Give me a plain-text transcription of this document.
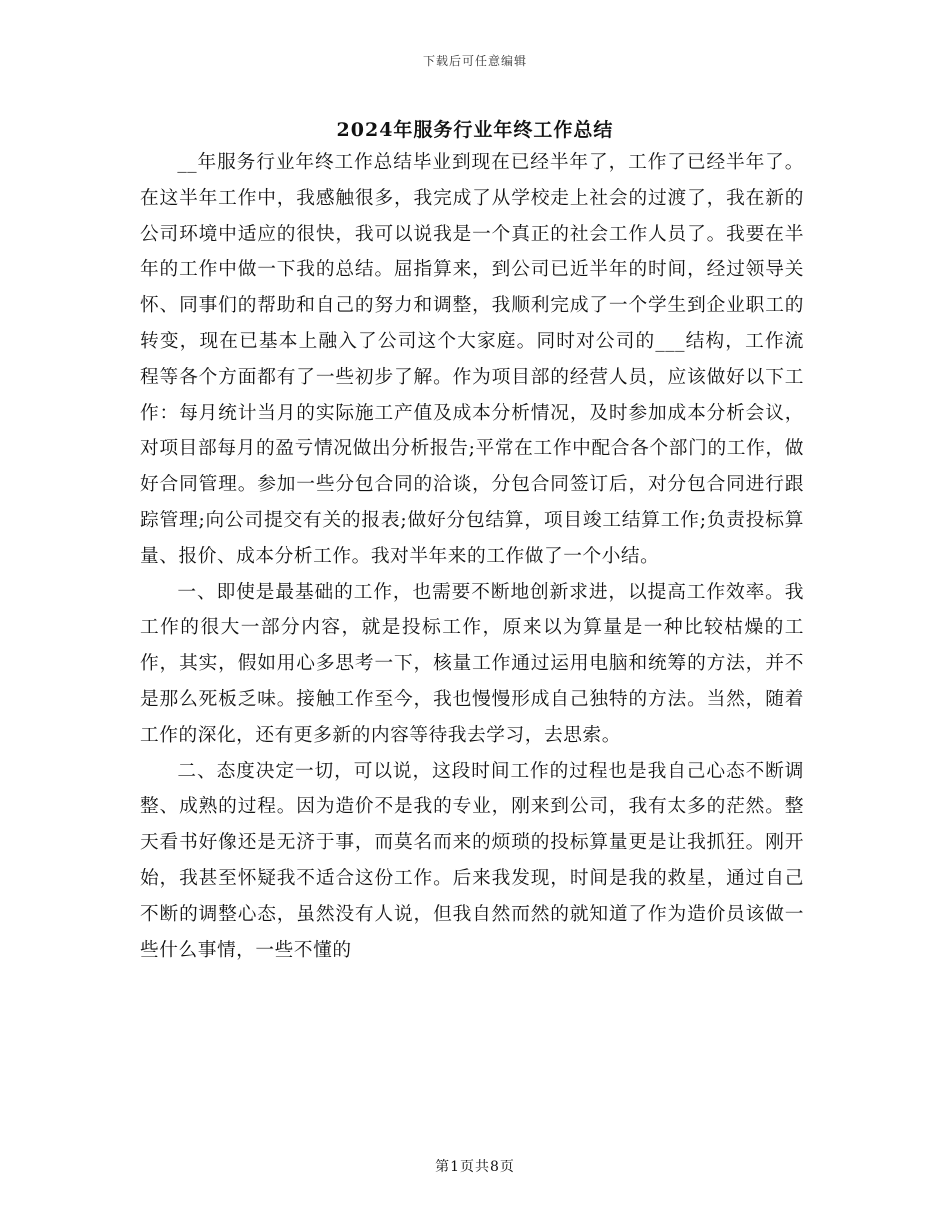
下载后可任意编辑
2024年服务行业年终工作总结

__年服务行业年终工作总结毕业到现在已经半年了，工作了已经半年了。在这半年工作中，我感触很多，我完成了从学校走上社会的过渡了，我在新的公司环境中适应的很快，我可以说我是一个真正的社会工作人员了。我要在半年的工作中做一下我的总结。屈指算来，到公司已近半年的时间，经过领导关怀、同事们的帮助和自己的努力和调整，我顺利完成了一个学生到企业职工的转变，现在已基本上融入了公司这个大家庭。同时对公司的___结构，工作流程等各个方面都有了一些初步了解。作为项目部的经营人员，应该做好以下工作：每月统计当月的实际施工产值及成本分析情况，及时参加成本分析会议，对项目部每月的盈亏情况做出分析报告;平常在工作中配合各个部门的工作，做好合同管理。参加一些分包合同的洽谈，分包合同签订后，对分包合同进行跟踪管理;向公司提交有关的报表;做好分包结算，项目竣工结算工作;负责投标算量、报价、成本分析工作。我对半年来的工作做了一个小结。

一、即使是最基础的工作，也需要不断地创新求进，以提高工作效率。我工作的很大一部分内容，就是投标工作，原来以为算量是一种比较枯燥的工作，其实，假如用心多思考一下，核量工作通过运用电脑和统筹的方法，并不是那么死板乏味。接触工作至今，我也慢慢形成自己独特的方法。当然，随着工作的深化，还有更多新的内容等待我去学习，去思索。

二、态度决定一切，可以说，这段时间工作的过程也是我自己心态不断调整、成熟的过程。因为造价不是我的专业，刚来到公司，我有太多的茫然。整天看书好像还是无济于事，而莫名而来的烦琐的投标算量更是让我抓狂。刚开始，我甚至怀疑我不适合这份工作。后来我发现，时间是我的救星，通过自己不断的调整心态，虽然没有人说，但我自然而然的就知道了作为造价员该做一些什么事情，一些不懂的

第1页共8页
